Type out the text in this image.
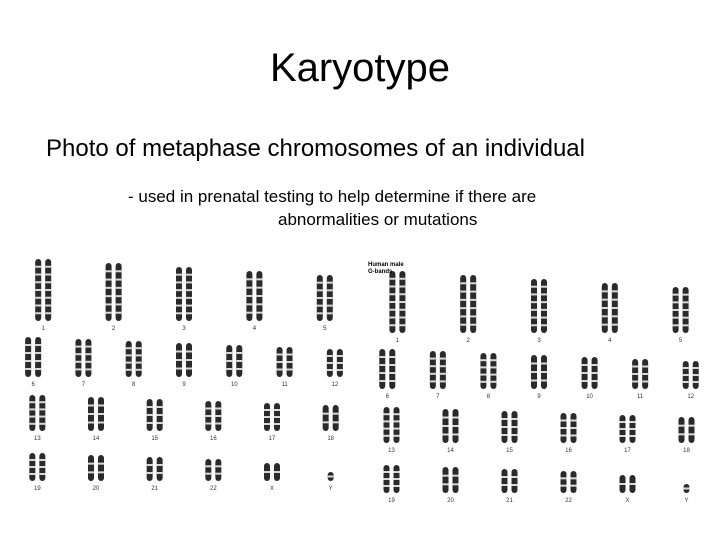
Karyotype

Photo of metaphase chromosomes of an individual

- used in prenatal testing to help determine if there are
abnormalities or mutations

1	2	3	4	5
6	7	8	9	10	11	12
13	14	15	16	17	18
19	20	21	22	X	Y
1	2	3	4	5
6	7	8	9	10	11	12
13	14	15	16	17	18
19	20	21	22	X	Y
Human male
G-bands
